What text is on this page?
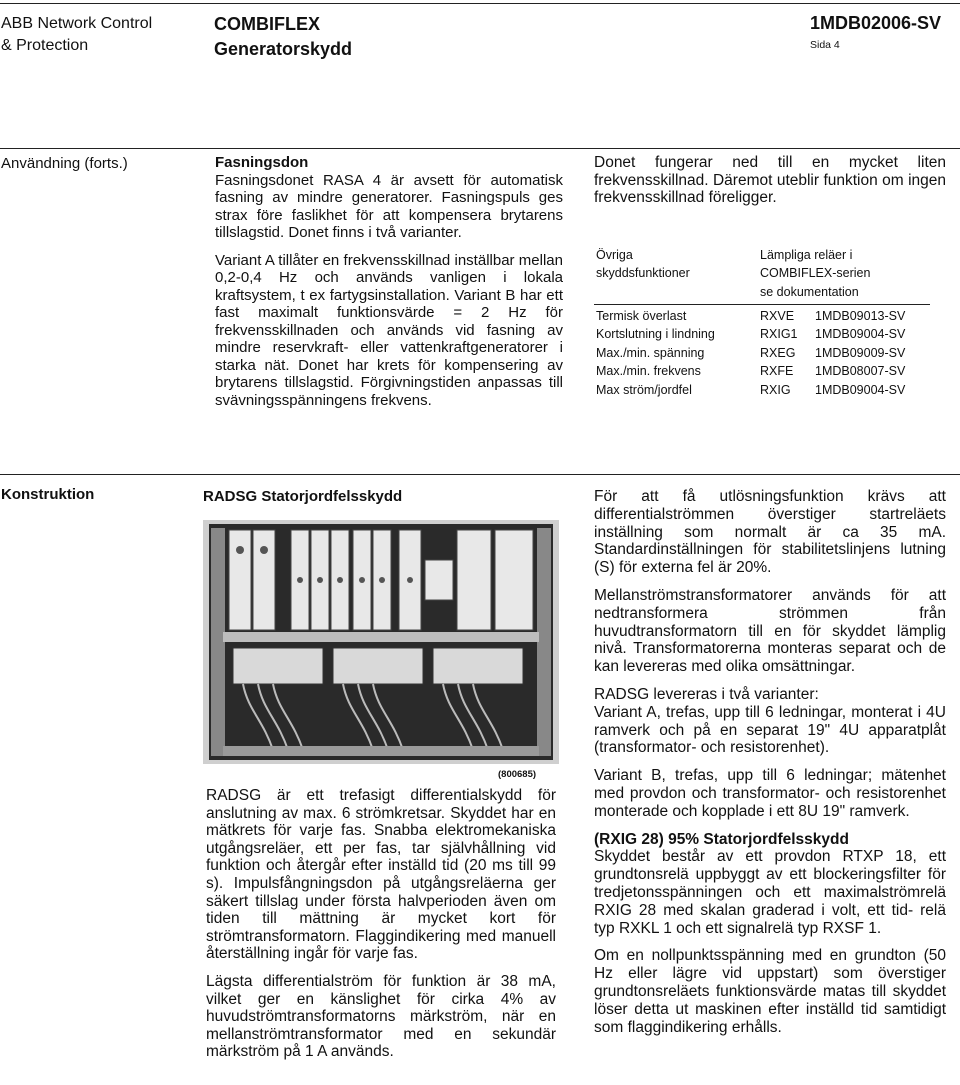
ABB Network Control
& Protection
COMBIFLEX
Generatorskydd
1MDB02006-SV
Sida 4
Användning (forts.)	Fasningsdon

Fasningsdonet RASA 4 är avsett för automatisk fasning av mindre generatorer. Fasningspuls ges strax före faslikhet för att kompensera brytarens tillslagstid. Donet finns i två varianter.

Variant A tillåter en frekvensskillnad inställbar mellan 0,2-0,4 Hz och används vanligen i lokala kraftsystem, t ex fartygsinstallation. Variant B har ett fast maximalt funktionsvärde = 2 Hz för frekvensskillnaden och används vid fasning av mindre reservkraft- eller vattenkraftgeneratorer i starka nät. Donet har krets för kompensering av brytarens tillslagstid. Förgivningstiden anpassas till svävningsspänningens frekvens.

Donet fungerar ned till en mycket liten frekvensskillnad. Däremot uteblir funktion om ingen frekvensskillnad föreligger.
Övriga
skyddsfunktioner
Lämpliga reläer i
COMBIFLEX-serien
se dokumentation
Termisk överlast	RXVE 1MDB09013-SV
Kortslutning i lindning	RXIG1 1MDB09004-SV
Max./min. spänning	RXEG 1MDB09009-SV
Max./min. frekvens	RXFE 1MDB08007-SV
Max ström/jordfel	RXIG 1MDB09004-SV
Konstruktion	RADSG Statorjordfelsskydd
(800685)

RADSG är ett trefasigt differentialskydd för anslutning av max. 6 strömkretsar. Skyddet har en mätkrets för varje fas. Snabba elektromekaniska utgångsreläer, ett per fas, tar självhållning vid funktion och återgår efter inställd tid (20 ms till 99 s). Impulsfångningsdon på utgångsreläerna ger säkert tillslag under första halvperioden även om tiden till mättning är mycket kort för strömtransformatorn. Flaggindikering med manuell återställning ingår för varje fas.

Lägsta differentialström för funktion är 38 mA, vilket ger en känslighet för cirka 4% av huvudströmtransformatorns märkström, när en mellanströmtransformator med en sekundär märkström på 1 A används.

För att få utlösningsfunktion krävs att differentialströmmen överstiger startreläets inställning som normalt är ca 35 mA. Standardinställningen för stabilitetslinjens lutning (S) för externa fel är 20%.

Mellanströmstransformatorer används för att nedtransformera strömmen från huvudtransformatorn till en för skyddet lämplig nivå. Transformatorerna monteras separat och de kan levereras med olika omsättningar.

RADSG levereras i två varianter:

Variant A, trefas, upp till 6 ledningar, monterat i 4U ramverk och på en separat 19" 4U apparatplåt (transformator- och resistorenhet).

Variant B, trefas, upp till 6 ledningar; mätenhet med provdon och transformator- och resistorenhet monterade och kopplade i ett 8U 19" ramverk.

(RXIG 28) 95% Statorjordfelsskydd

Skyddet består av ett provdon RTXP 18, ett grundtonsrelä uppbyggt av ett blockeringsfilter för tredjetonsspänningen och ett maximalströmrelä RXIG 28 med skalan graderad i volt, ett tid- relä typ RXKL 1 och ett signalrelä typ RXSF 1.

Om en nollpunktsspänning med en grundton (50 Hz eller lägre vid uppstart) som överstiger grundtonsreläets funktionsvärde matas till skyddet löser detta ut maskinen efter inställd tid samtidigt som flaggindikering erhålls.
